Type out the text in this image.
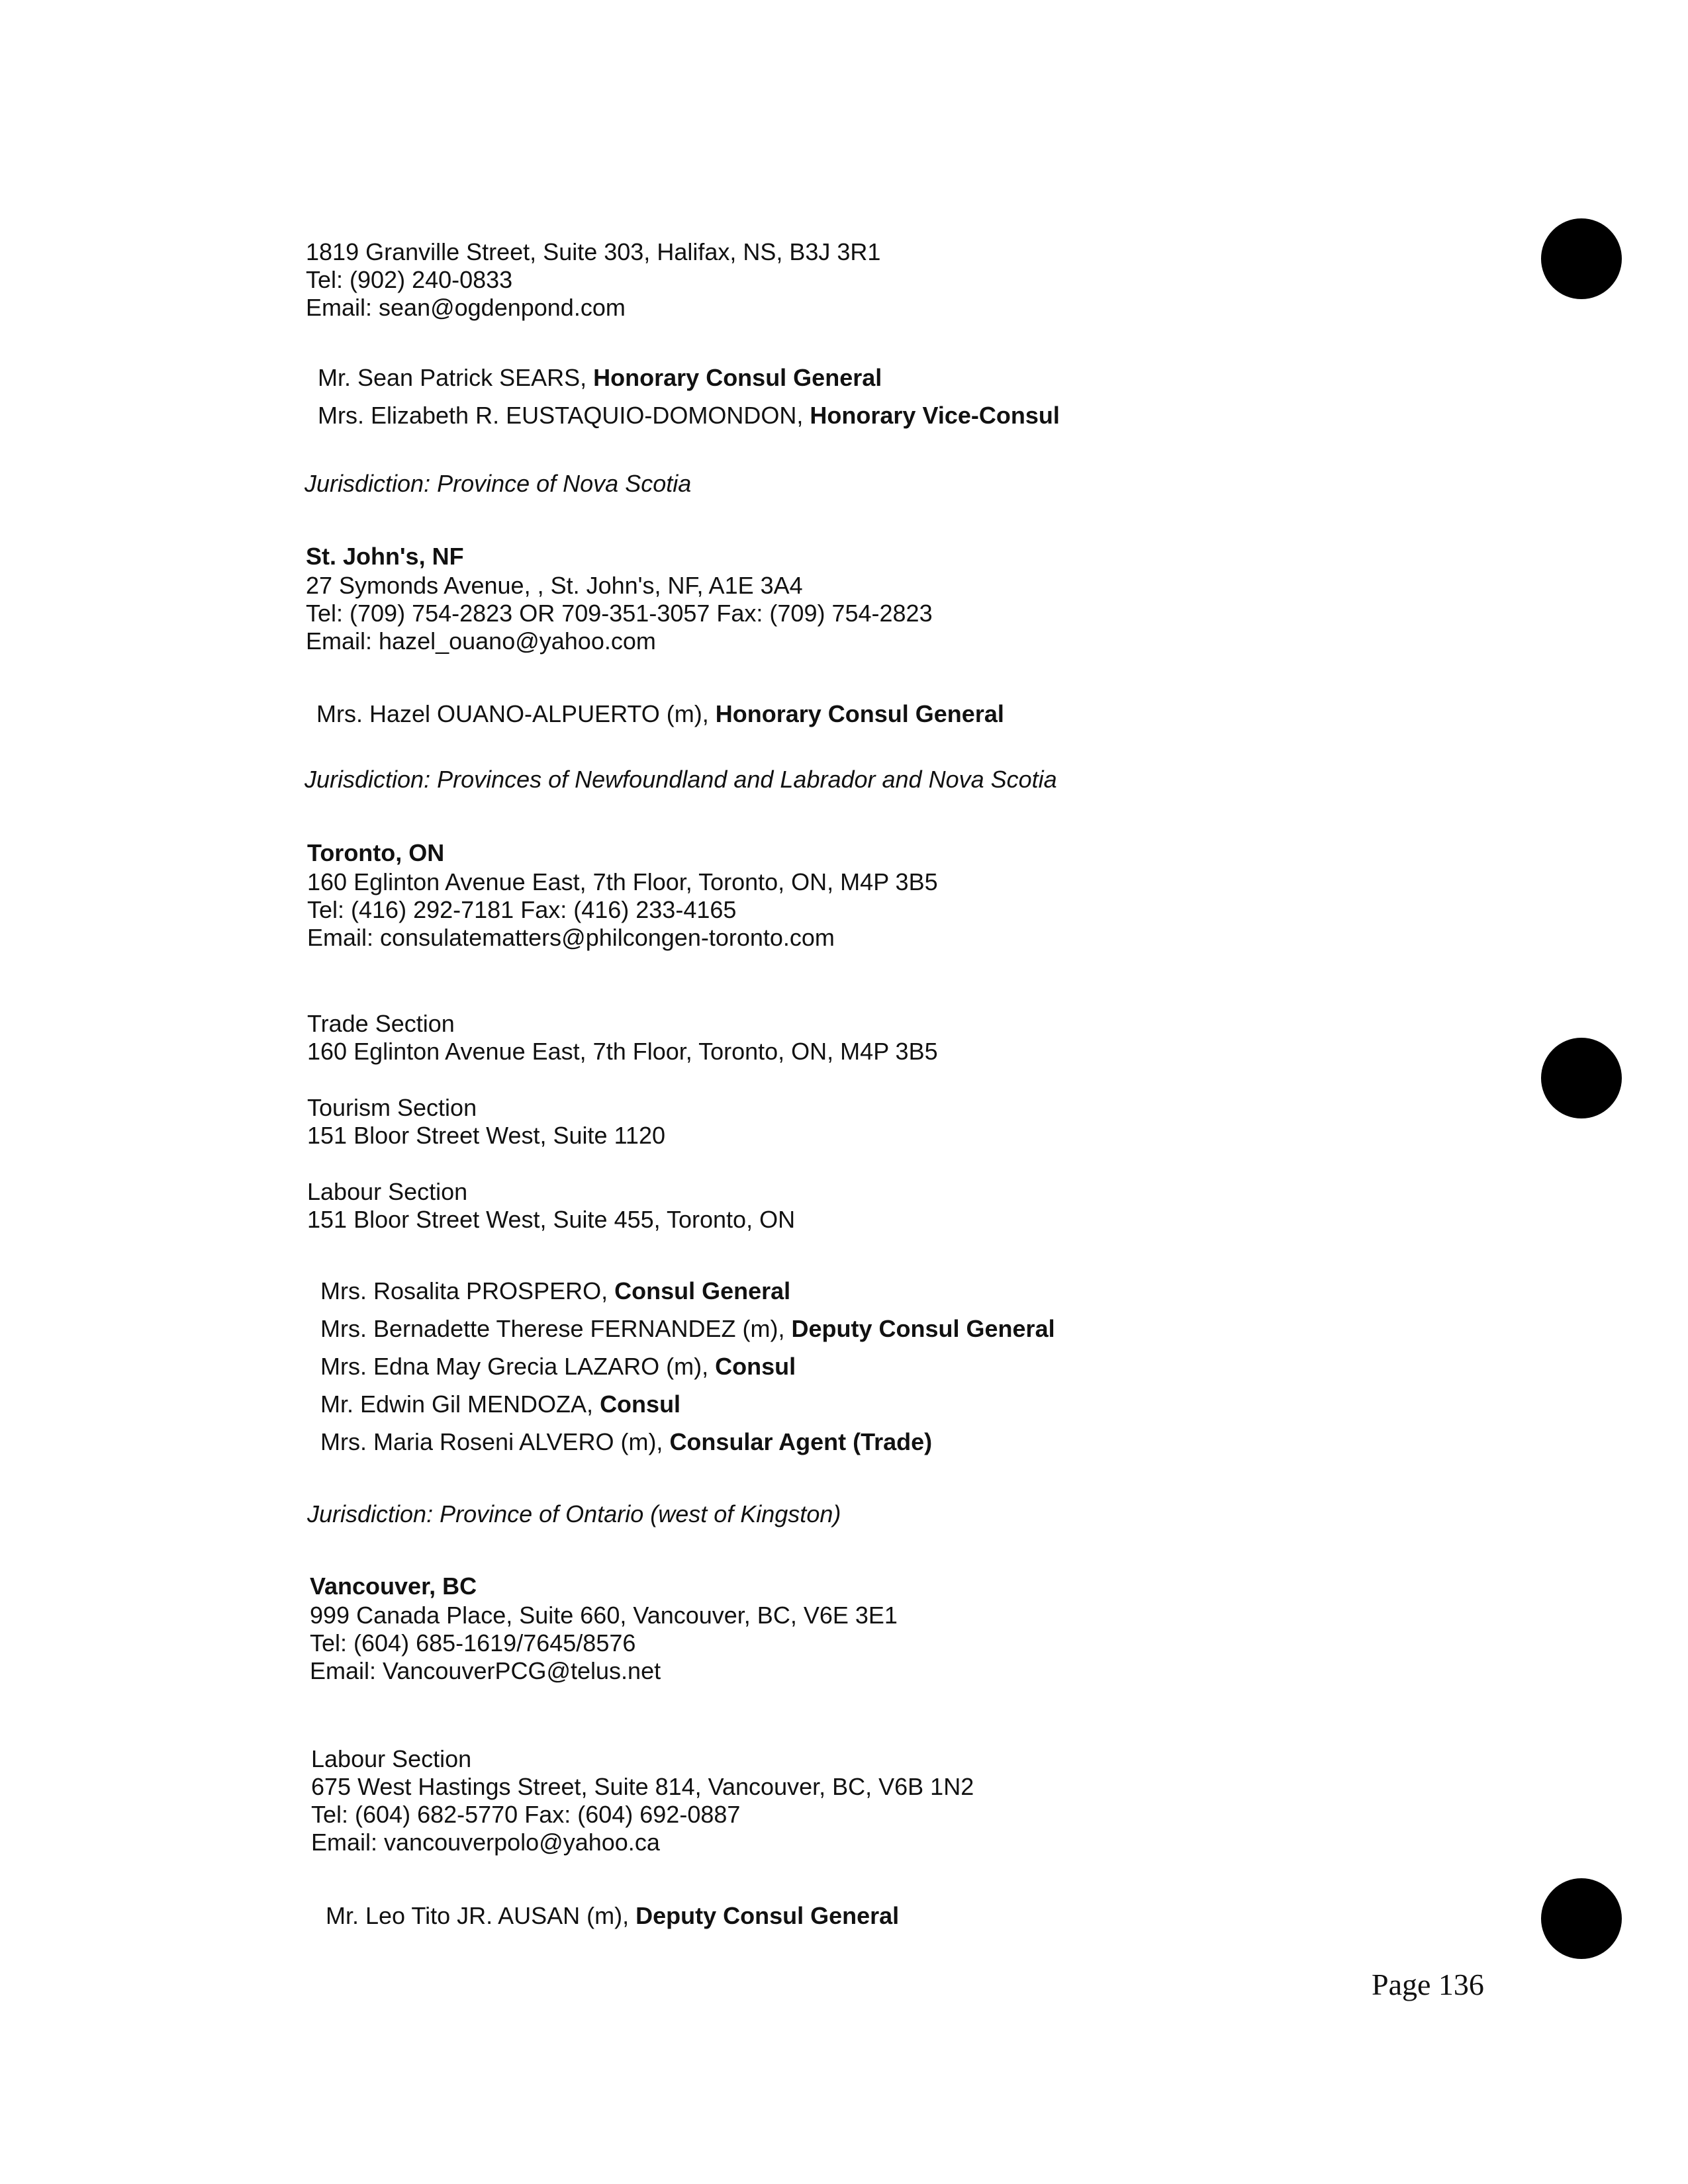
1819 Granville Street, Suite 303, Halifax, NS, B3J 3R1
Tel: (902) 240-0833
Email: sean@ogdenpond.com
Mr. Sean Patrick SEARS, Honorary Consul General
Mrs. Elizabeth R. EUSTAQUIO-DOMONDON, Honorary Vice-Consul
Jurisdiction: Province of Nova Scotia
St. John's, NF
27 Symonds Avenue, , St. John's, NF, A1E 3A4
Tel: (709) 754-2823 OR 709-351-3057 Fax: (709) 754-2823
Email: hazel_ouano@yahoo.com
Mrs. Hazel OUANO-ALPUERTO (m), Honorary Consul General
Jurisdiction: Provinces of Newfoundland and Labrador and Nova Scotia
Toronto, ON
160 Eglinton Avenue East, 7th Floor, Toronto, ON, M4P 3B5
Tel: (416) 292-7181 Fax: (416) 233-4165
Email: consulatematters@philcongen-toronto.com
Trade Section
160 Eglinton Avenue East, 7th Floor, Toronto, ON, M4P 3B5
Tourism Section
151 Bloor Street West, Suite 1120
Labour Section
151 Bloor Street West, Suite 455, Toronto, ON
Mrs. Rosalita PROSPERO, Consul General
Mrs. Bernadette Therese FERNANDEZ (m), Deputy Consul General
Mrs. Edna May Grecia LAZARO (m), Consul
Mr. Edwin Gil MENDOZA, Consul
Mrs. Maria Roseni ALVERO (m), Consular Agent (Trade)
Jurisdiction: Province of Ontario (west of Kingston)
Vancouver, BC
999 Canada Place, Suite 660, Vancouver, BC, V6E 3E1
Tel: (604) 685-1619/7645/8576
Email: VancouverPCG@telus.net
Labour Section
675 West Hastings Street, Suite 814, Vancouver, BC, V6B 1N2
Tel: (604) 682-5770 Fax: (604) 692-0887
Email: vancouverpolo@yahoo.ca
Mr. Leo Tito JR. AUSAN (m), Deputy Consul General
Page 136
